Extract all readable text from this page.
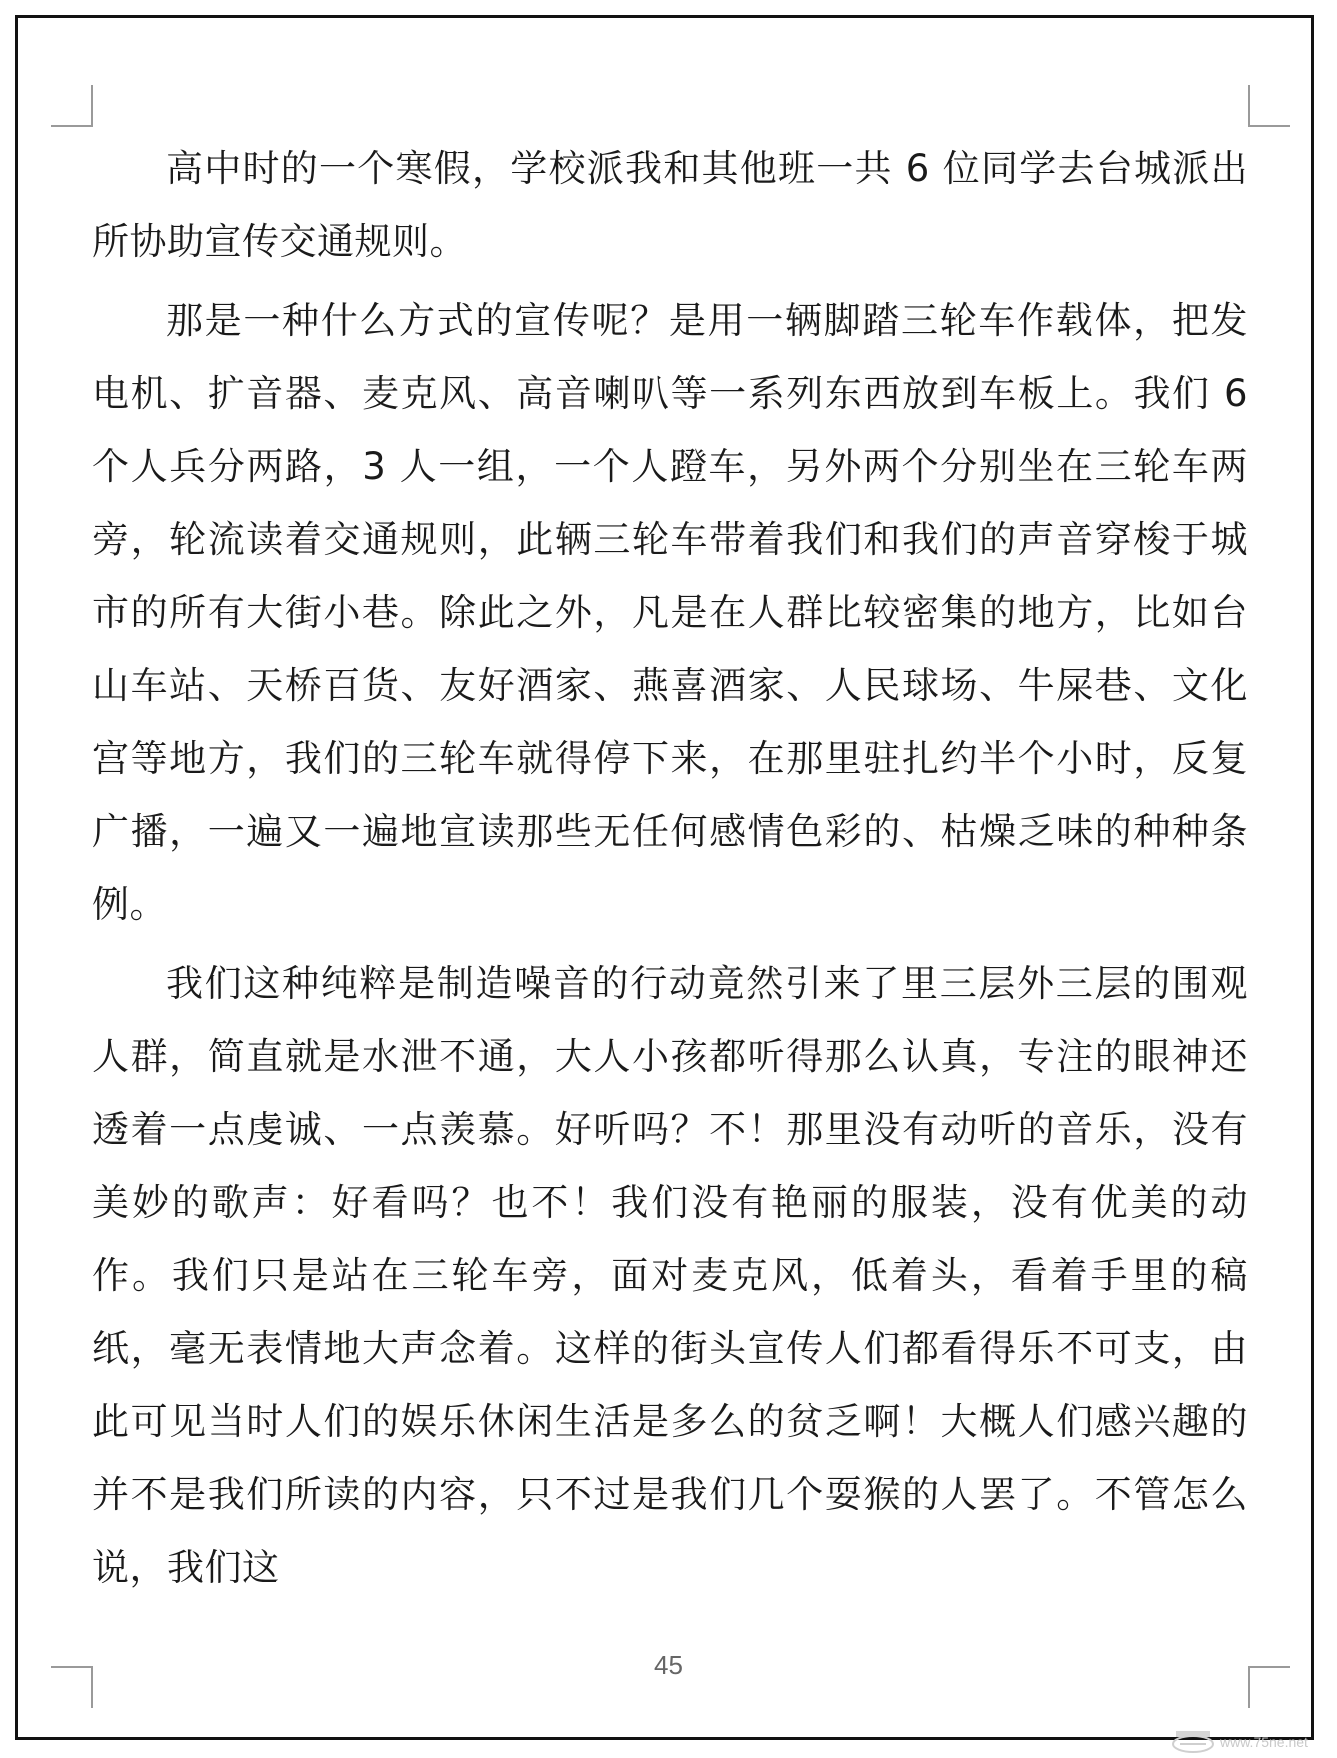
高中时的一个寒假，学校派我和其他班一共 6 位同学去台城派出所协助宣传交通规则。

那是一种什么方式的宣传呢？是用一辆脚踏三轮车作载体，把发电机、扩音器、麦克风、高音喇叭等一系列东西放到车板上。我们 6 个人兵分两路，3 人一组，一个人蹬车，另外两个分别坐在三轮车两旁，轮流读着交通规则，此辆三轮车带着我们和我们的声音穿梭于城市的所有大街小巷。除此之外，凡是在人群比较密集的地方，比如台山车站、天桥百货、友好酒家、燕喜酒家、人民球场、牛屎巷、文化宫等地方，我们的三轮车就得停下来，在那里驻扎约半个小时，反复广播，一遍又一遍地宣读那些无任何感情色彩的、枯燥乏味的种种条例。

我们这种纯粹是制造噪音的行动竟然引来了里三层外三层的围观人群，简直就是水泄不通，大人小孩都听得那么认真，专注的眼神还透着一点虔诚、一点羡慕。好听吗？不！那里没有动听的音乐，没有美妙的歌声：好看吗？也不！我们没有艳丽的服装，没有优美的动作。我们只是站在三轮车旁，面对麦克风，低着头，看着手里的稿纸，毫无表情地大声念着。这样的街头宣传人们都看得乐不可支，由此可见当时人们的娱乐休闲生活是多么的贫乏啊！大概人们感兴趣的并不是我们所读的内容，只不过是我们几个耍猴的人罢了。不管怎么说，我们这

45
www.75ne.net
